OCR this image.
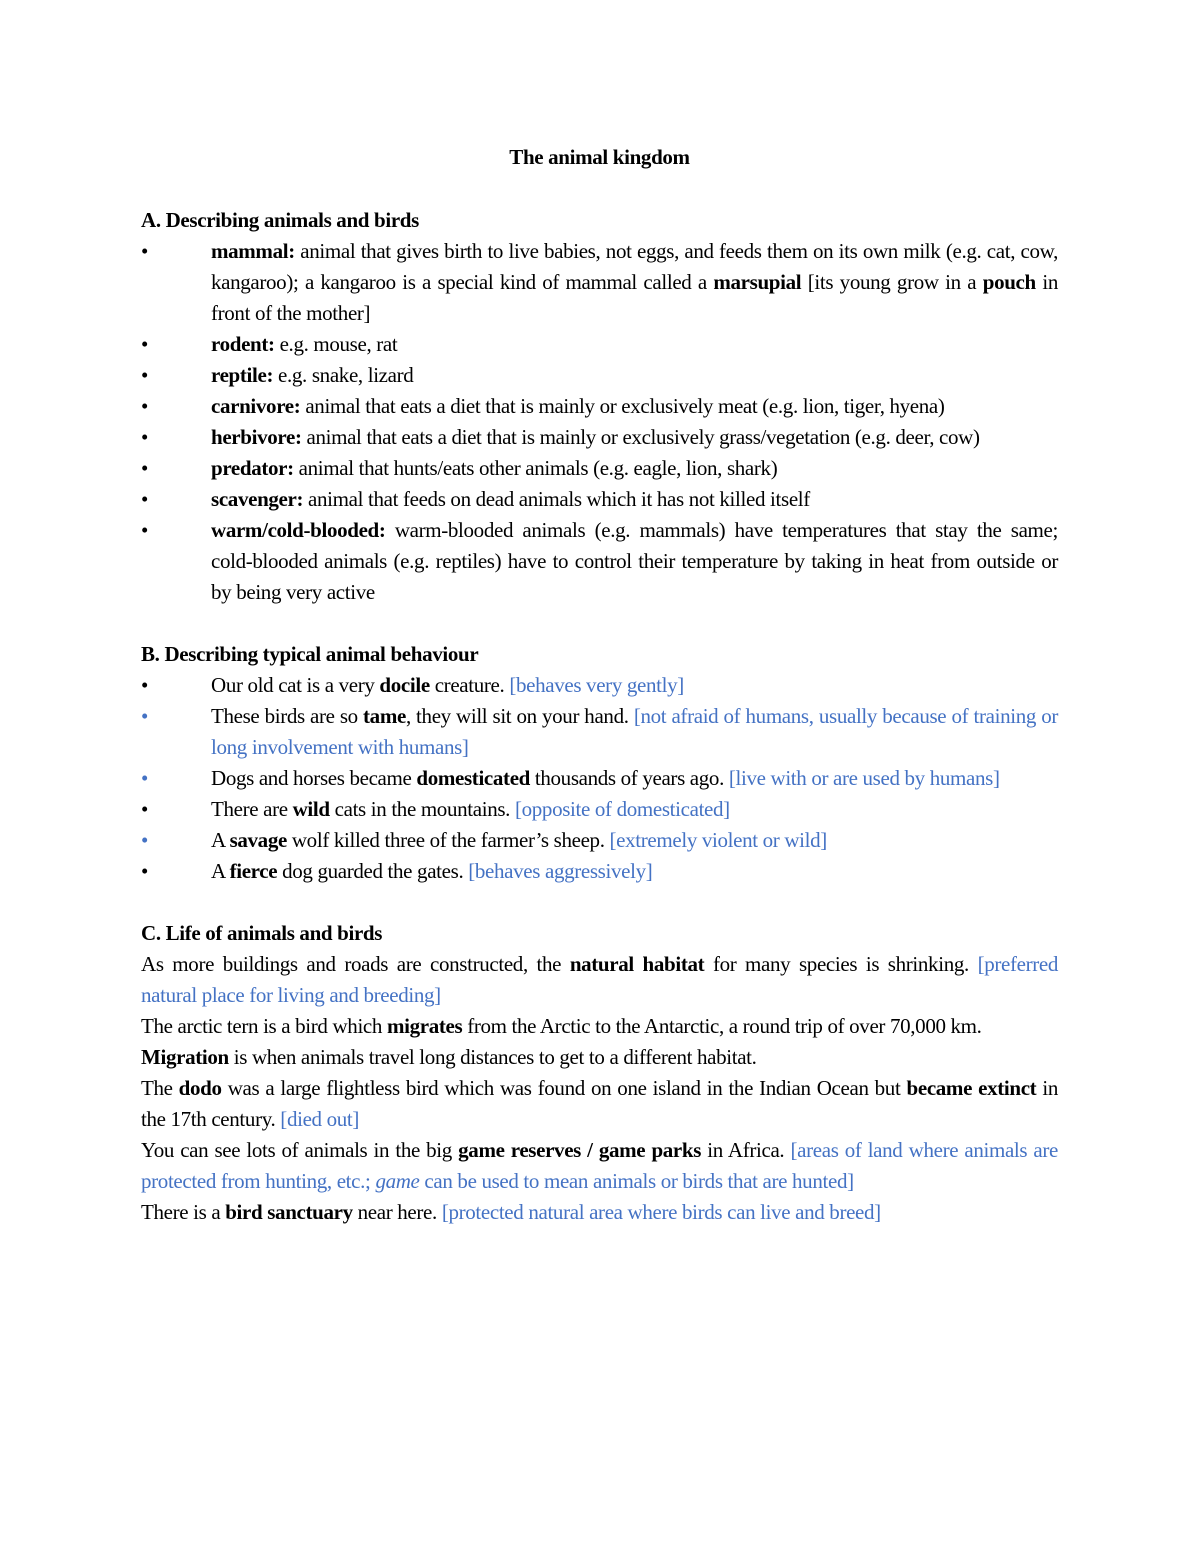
The animal kingdom

A. Describing animals and birds

•	mammal: animal that gives birth to live babies, not eggs, and feeds them on its own milk (e.g. cat, cow, kangaroo); a kangaroo is a special kind of mammal called a marsupial [its young grow in a pouch in front of the mother]
•	rodent: e.g. mouse, rat
•	reptile: e.g. snake, lizard
•	carnivore: animal that eats a diet that is mainly or exclusively meat (e.g. lion, tiger, hyena)
•	herbivore: animal that eats a diet that is mainly or exclusively grass/vegetation (e.g. deer, cow)
•	predator: animal that hunts/eats other animals (e.g. eagle, lion, shark)
•	scavenger: animal that feeds on dead animals which it has not killed itself
•	warm/cold-blooded: warm-blooded animals (e.g. mammals) have temperatures that stay the same; cold-blooded animals (e.g. reptiles) have to control their temperature by taking in heat from outside or by being very active

B. Describing typical animal behaviour

•	Our old cat is a very docile creature. [behaves very gently]
•	These birds are so tame, they will sit on your hand. [not afraid of humans, usually because of training or long involvement with humans]
•	Dogs and horses became domesticated thousands of years ago. [live with or are used by humans]
•	There are wild cats in the mountains. [opposite of domesticated]
•	A savage wolf killed three of the farmer’s sheep. [extremely violent or wild]
•	A fierce dog guarded the gates. [behaves aggressively]

C. Life of animals and birds

As more buildings and roads are constructed, the natural habitat for many species is shrinking. [preferred natural place for living and breeding]

The arctic tern is a bird which migrates from the Arctic to the Antarctic, a round trip of over 70,000 km.

Migration is when animals travel long distances to get to a different habitat.

The dodo was a large flightless bird which was found on one island in the Indian Ocean but became extinct in the 17th century. [died out]

You can see lots of animals in the big game reserves / game parks in Africa. [areas of land where animals are protected from hunting, etc.; game can be used to mean animals or birds that are hunted]

There is a bird sanctuary near here. [protected natural area where birds can live and breed]
